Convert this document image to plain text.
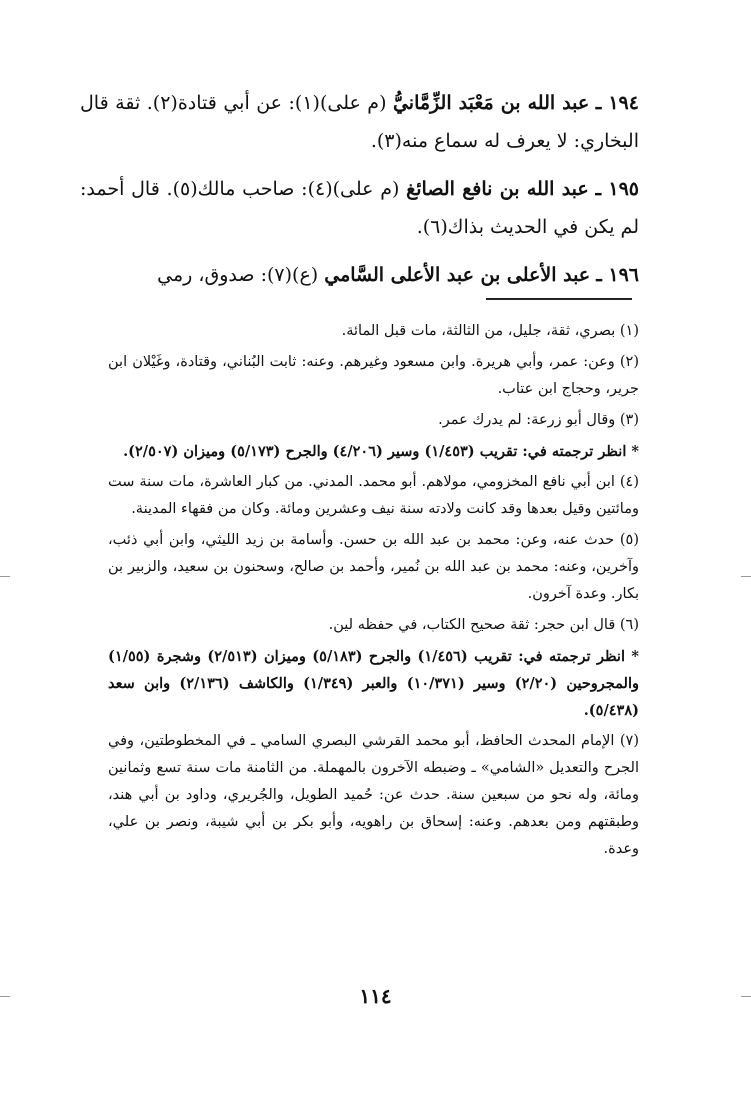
١٩٤ ـ عبد الله بن مَعْبَد الزِّمَّانيُّ (م على)(١): عن أبي قتادة(٢). ثقة قال البخاري: لا يعرف له سماع منه(٣).
١٩٥ ـ عبد الله بن نافع الصائغ (م على)(٤): صاحب مالك(٥). قال أحمد: لم يكن في الحديث بذاك(٦).
١٩٦ ـ عبد الأعلى بن عبد الأعلى السَّامي (ع)(٧): صدوق، رمي
(١) بصري، ثقة، جليل، من الثالثة، مات قبل المائة.
(٢) وعن: عمر، وأبي هريرة. وابن مسعود وغيرهم. وعنه: ثابت البُناني، وقتادة، وغَيْلان ابن جرير، وحجاج ابن عتاب.
(٣) وقال أبو زرعة: لم يدرك عمر.
* انظر ترجمته في: تقريب (١/٤٥٣) وسير (٤/٢٠٦) والجرح (٥/١٧٣) وميزان (٢/٥٠٧).
(٤) ابن أبي نافع المخزومي، مولاهم. أبو محمد. المدني. من كبار العاشرة، مات سنة ست ومائتين وقيل بعدها وقد كانت ولادته سنة نيف وعشرين ومائة. وكان من فقهاء المدينة.
(٥) حدث عنه، وعن: محمد بن عبد الله بن حسن. وأسامة بن زيد الليثي، وابن أبي ذئب، وآخرين، وعنه: محمد بن عبد الله بن نُمير، وأحمد بن صالح، وسحنون بن سعيد، والزبير بن بكار. وعدة آخرون.
(٦) قال ابن حجر: ثقة صحيح الكتاب، في حفظه لين.
* انظر ترجمته في: تقريب (١/٤٥٦) والجرح (٥/١٨٣) وميزان (٢/٥١٣) وشجرة (١/٥٥) والمجروحين (٢/٢٠) وسير (١٠/٣٧١) والعبر (١/٣٤٩) والكاشف (٢/١٣٦) وابن سعد (٥/٤٣٨).
(٧) الإمام المحدث الحافظ، أبو محمد القرشي البصري السامي ـ في المخطوطتين، وفي الجرح والتعديل «الشامي» ـ وضبطه الآخرون بالمهملة. من الثامنة مات سنة تسع وثمانين ومائة، وله نحو من سبعين سنة. حدث عن: حُميد الطويل، والجُريري، وداود بن أبي هند، وطبقتهم ومن بعدهم. وعنه: إسحاق بن راهويه، وأبو بكر بن أبي شيبة، ونصر بن علي، وعدة.
١١٤
